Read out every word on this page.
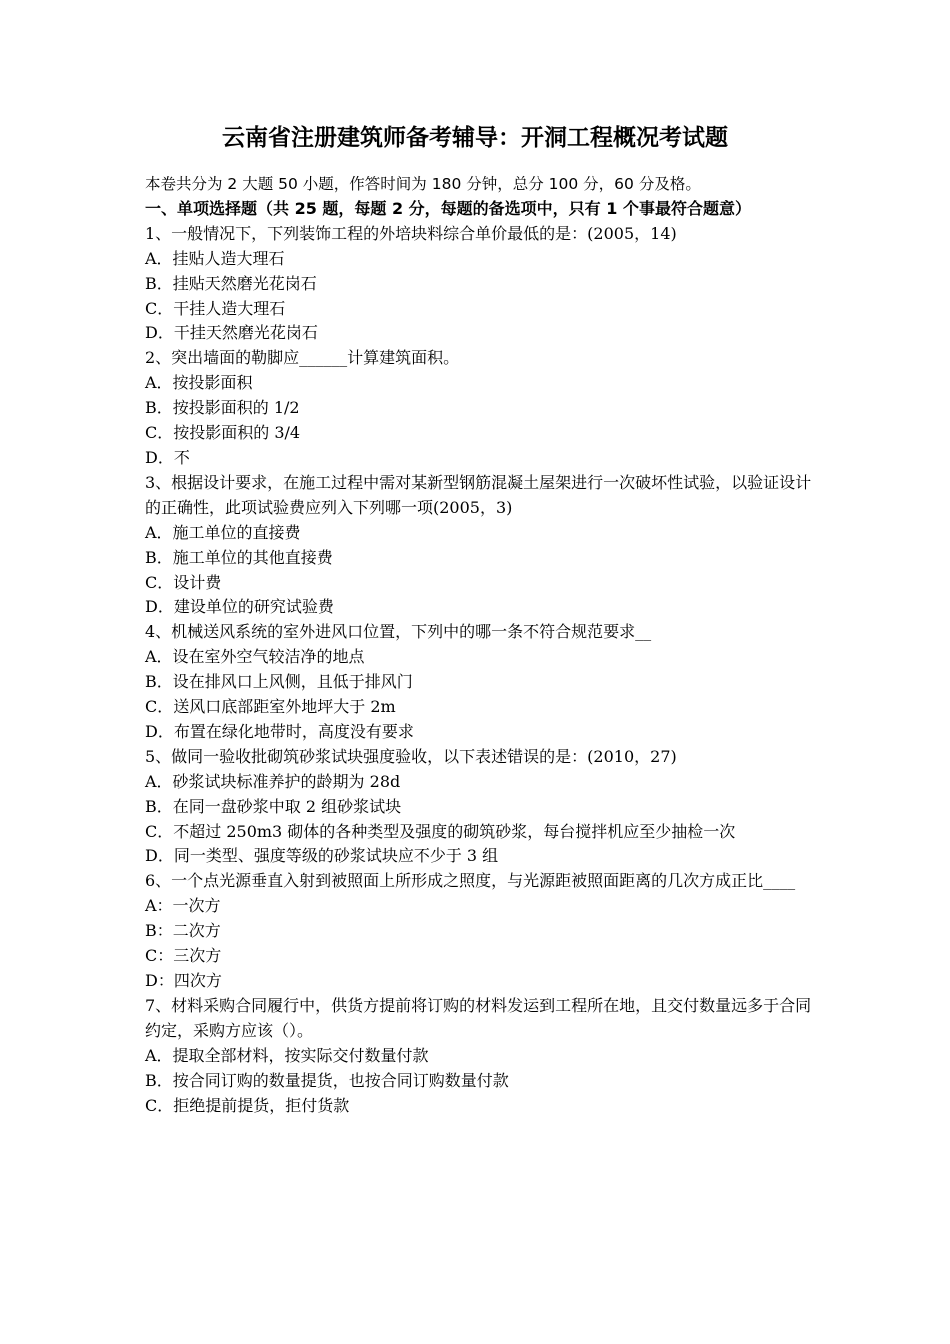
云南省注册建筑师备考辅导：开洞工程概况考试题
本卷共分为 2 大题 50 小题，作答时间为 180 分钟，总分 100 分，60 分及格。
一、单项选择题（共 25 题，每题 2 分，每题的备选项中，只有 1 个事最符合题意）
1、一般情况下，下列装饰工程的外培块料综合单价最低的是：(2005，14)
A．挂贴人造大理石
B．挂贴天然磨光花岗石
C．干挂人造大理石
D．干挂天然磨光花岗石
2、突出墙面的勒脚应______计算建筑面积。
A．按投影面积
B．按投影面积的 1/2
C．按投影面积的 3/4
D．不
3、根据设计要求，在施工过程中需对某新型钢筋混凝土屋架进行一次破坏性试验，以验证设计的正确性，此项试验费应列入下列哪一项(2005，3)
A．施工单位的直接费
B．施工单位的其他直接费
C．设计费
D．建设单位的研究试验费
4、机械送风系统的室外进风口位置，下列中的哪一条不符合规范要求__
A．设在室外空气较洁净的地点
B．设在排风口上风侧，且低于排风门
C．送风口底部距室外地坪大于 2m
D．布置在绿化地带时，高度没有要求
5、做同一验收批砌筑砂浆试块强度验收，以下表述错误的是：(2010，27)
A．砂浆试块标准养护的龄期为 28d
B．在同一盘砂浆中取 2 组砂浆试块
C．不超过 250m3 砌体的各种类型及强度的砌筑砂浆，每台搅拌机应至少抽检一次
D．同一类型、强度等级的砂浆试块应不少于 3 组
6、一个点光源垂直入射到被照面上所形成之照度，与光源距被照面距离的几次方成正比____
A：一次方
B：二次方
C：三次方
D：四次方
7、材料采购合同履行中，供货方提前将订购的材料发运到工程所在地，且交付数量远多于合同约定，采购方应该（）。
A．提取全部材料，按实际交付数量付款
B．按合同订购的数量提货，也按合同订购数量付款
C．拒绝提前提货，拒付货款
